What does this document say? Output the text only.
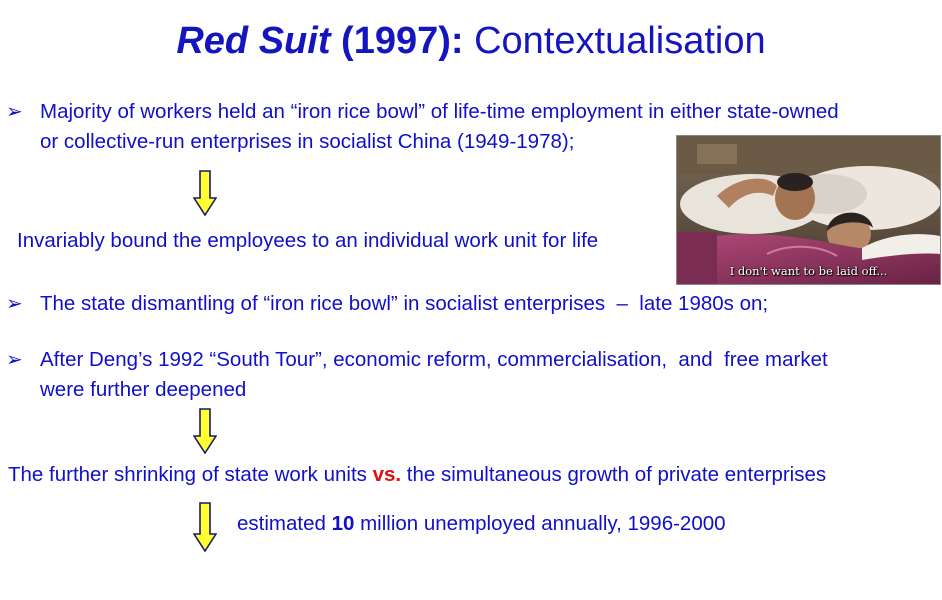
Red Suit (1997): Contextualisation
➢ Majority of workers held an “iron rice bowl” of life-time employment in either state-owned
or collective-run enterprises in socialist China (1949-1978);
Invariably bound the employees to an individual work unit for life
I don't want to be laid off...
➢ The state dismantling of “iron rice bowl” in socialist enterprises  –  late 1980s on;
➢ After Deng’s 1992 “South Tour”, economic reform, commercialisation,  and  free market
were further deepened
The further shrinking of state work units vs. the simultaneous growth of private enterprises
estimated 10 million unemployed annually, 1996-2000
